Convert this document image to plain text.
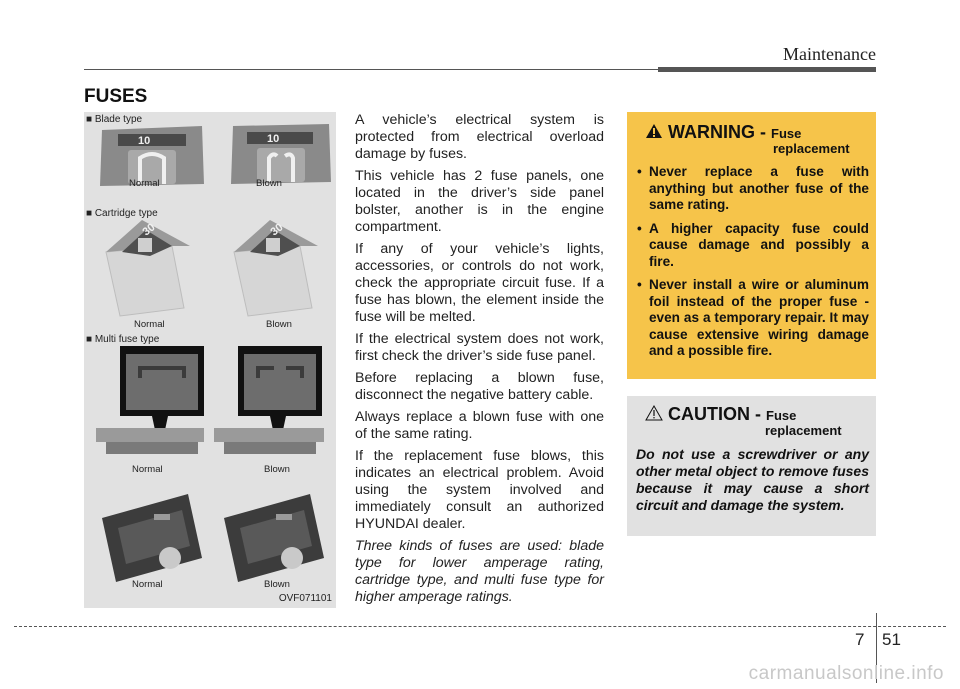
Maintenance
FUSES
■ Blade type
10
Normal
10
Blown
■ Cartridge type
30
Normal
30
Blown
■ Multi fuse type
Normal	Blown
Normal	Blown
OVF071101

A vehicle’s electrical system is protected from electrical overload damage by fuses.

This vehicle has 2 fuse panels, one located in the driver’s side panel bolster, another is in the engine compartment.

If any of your vehicle’s lights, accessories, or controls do not work, check the appropriate circuit fuse. If a fuse has blown, the element inside the fuse will be melted.

If the electrical system does not work, first check the driver’s side fuse panel.

Before replacing a blown fuse, disconnect the negative battery cable.

Always replace a blown fuse with one of the same rating.

If the replacement fuse blows, this indicates an electrical problem. Avoid using the system involved and immediately consult an authorized HYUNDAI dealer.

Three kinds of fuses are used: blade type for lower amperage rating, cartridge type, and multi fuse type for higher amperage ratings.

WARNING - Fuse
replacement
• Never replace a fuse with anything but another fuse of the same rating.
• A higher capacity fuse could cause damage and possibly a fire.
• Never install a wire or aluminum foil instead of the proper fuse - even as a temporary repair. It may cause extensive wiring damage and a possible fire.
CAUTION - Fuse
replacement

Do not use a screwdriver or any other metal object to remove fuses because it may cause a short circuit and damage the system.

7 51
carmanualsonline.info
